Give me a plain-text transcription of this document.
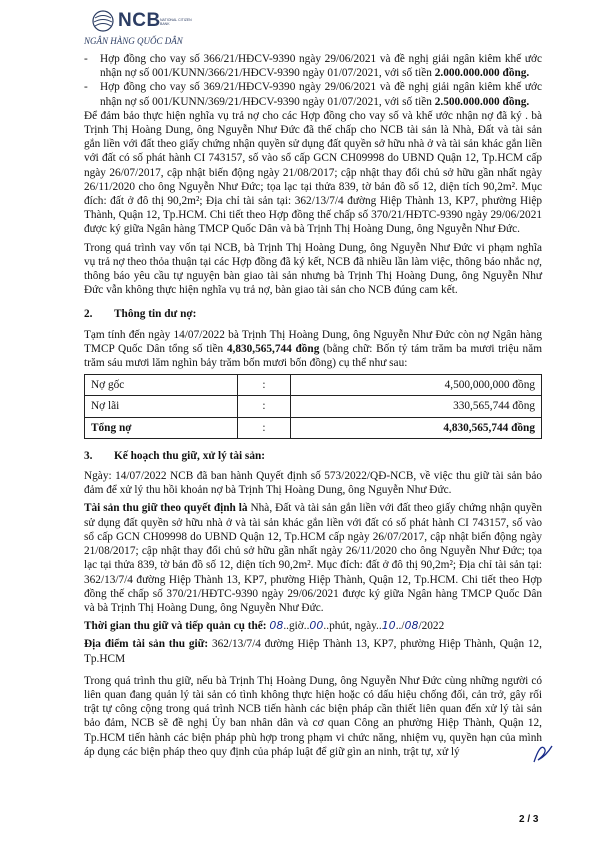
NCB NATIONAL CITIZEN BANK
NGÂN HÀNG QUỐC DÂN

- Hợp đồng cho vay số 366/21/HĐCV-9390 ngày 29/06/2021 và đề nghị giải ngân kiêm khế ước nhận nợ số 001/KUNN/366/21/HĐCV-9390 ngày 01/07/2021, với số tiền 2.000.000.000 đồng.

- Hợp đồng cho vay số 369/21/HĐCV-9390 ngày 29/06/2021 và đề nghị giải ngân kiêm khế ước nhận nợ số 001/KUNN/369/21/HĐCV-9390 ngày 01/07/2021, với số tiền 2.500.000.000 đồng.

Để đảm bảo thực hiện nghĩa vụ trả nợ cho các Hợp đồng cho vay số và khế ước nhận nợ đã ký . bà Trịnh Thị Hoàng Dung, ông Nguyễn Như Đức đã thế chấp cho NCB tài sản là Nhà, Đất và tài sản gắn liền với đất theo giấy chứng nhận quyền sử dụng đất quyền sở hữu nhà ở và tài sản khác gắn liền với đất có số phát hành CI 743157, số vào sổ cấp GCN CH09998 do UBND Quận 12, Tp.HCM cấp ngày 26/07/2017, cập nhật biến động ngày 21/08/2017; cập nhật thay đổi chủ sở hữu gần nhất ngày 26/11/2020 cho ông Nguyễn Như Đức; tọa lạc tại thửa 839, tờ bản đồ số 12, diện tích 90,2m². Mục đích: đất ở đô thị 90,2m²; Địa chỉ tài sản tại: 362/13/7/4 đường Hiệp Thành 13, KP7, phường Hiệp Thành, Quận 12, Tp.HCM. Chi tiết theo Hợp đồng thế chấp số 370/21/HĐTC-9390 ngày 29/06/2021 được ký giữa Ngân hàng TMCP Quốc Dân và bà Trịnh Thị Hoàng Dung, ông Nguyễn Như Đức.

Trong quá trình vay vốn tại NCB, bà Trịnh Thị Hoàng Dung, ông Nguyễn Như Đức vi phạm nghĩa vụ trả nợ theo thỏa thuận tại các Hợp đồng đã ký kết, NCB đã nhiều lần làm việc, thông báo nhắc nợ, thông báo yêu cầu tự nguyện bàn giao tài sản nhưng bà Trịnh Thị Hoàng Dung, ông Nguyễn Như Đức vẫn không thực hiện nghĩa vụ trả nợ, bàn giao tài sản cho NCB đúng cam kết.

2. Thông tin dư nợ:

Tạm tính đến ngày 14/07/2022 bà Trịnh Thị Hoàng Dung, ông Nguyễn Như Đức còn nợ Ngân hàng TMCP Quốc Dân tổng số tiền 4,830,565,744 đồng (bằng chữ: Bốn tỷ tám trăm ba mươi triệu năm trăm sáu mươi lăm nghìn bảy trăm bốn mươi bốn đồng) cụ thể như sau:

Nợ gốc	:	4,500,000,000 đồng
Nợ lãi	:	330,565,744 đồng
Tổng nợ	:	4,830,565,744 đồng
3. Kế hoạch thu giữ, xử lý tài sản:

Ngày: 14/07/2022 NCB đã ban hành Quyết định số 573/2022/QĐ-NCB, về việc thu giữ tài sản bảo đảm để xử lý thu hồi khoản nợ bà Trịnh Thị Hoàng Dung, ông Nguyễn Như Đức.

Tài sản thu giữ theo quyết định là Nhà, Đất và tài sản gắn liền với đất theo giấy chứng nhận quyền sử dụng đất quyền sở hữu nhà ở và tài sản khác gắn liền với đất có số phát hành CI 743157, số vào sổ cấp GCN CH09998 do UBND Quận 12, Tp.HCM cấp ngày 26/07/2017, cập nhật biến động ngày 21/08/2017; cập nhật thay đổi chủ sở hữu gần nhất ngày 26/11/2020 cho ông Nguyễn Như Đức; tọa lạc tại thửa 839, tờ bản đồ số 12, diện tích 90,2m². Mục đích: đất ở đô thị 90,2m²; Địa chỉ tài sản tại: 362/13/7/4 đường Hiệp Thành 13, KP7, phường Hiệp Thành, Quận 12, Tp.HCM. Chi tiết theo Hợp đồng thế chấp số 370/21/HĐTC-9390 ngày 29/06/2021 được ký giữa Ngân hàng TMCP Quốc Dân và bà Trịnh Thị Hoàng Dung, ông Nguyễn Như Đức.

Thời gian thu giữ và tiếp quản cụ thể: 08..giờ..00..phút, ngày..10../08/2022

Địa điểm tài sản thu giữ: 362/13/7/4 đường Hiệp Thành 13, KP7, phường Hiệp Thành, Quận 12, Tp.HCM

Trong quá trình thu giữ, nếu bà Trịnh Thị Hoàng Dung, ông Nguyễn Như Đức cùng những người có liên quan đang quản lý tài sản có tình không thực hiện hoặc có dấu hiệu chống đối, cản trở, gây rối trật tự công cộng trong quá trình NCB tiến hành các biện pháp cần thiết liên quan đến xử lý tài sản bảo đảm, NCB sẽ đề nghị Ủy ban nhân dân và cơ quan Công an phường Hiệp Thành, Quận 12, Tp.HCM tiến hành các biện pháp phù hợp trong phạm vi chức năng, nhiệm vụ, quyền hạn của mình áp dụng các biện pháp theo quy định của pháp luật để giữ gìn an ninh, trật tự, xử lý

2 / 3
